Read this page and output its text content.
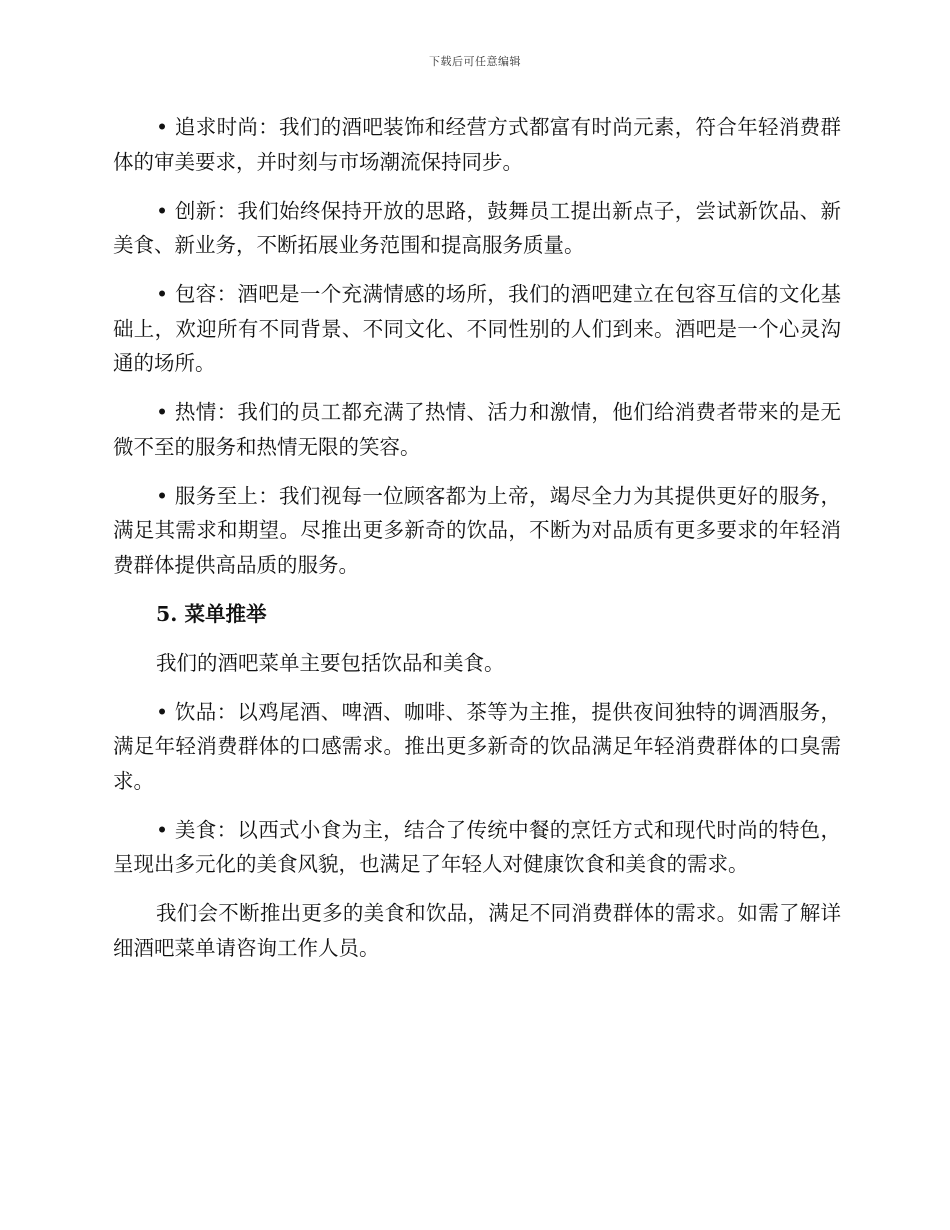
下载后可任意编辑

• 追求时尚：我们的酒吧装饰和经营方式都富有时尚元素，符合年轻消费群体的审美要求，并时刻与市场潮流保持同步。

• 创新：我们始终保持开放的思路，鼓舞员工提出新点子，尝试新饮品、新美食、新业务，不断拓展业务范围和提高服务质量。

• 包容：酒吧是一个充满情感的场所，我们的酒吧建立在包容互信的文化基础上，欢迎所有不同背景、不同文化、不同性别的人们到来。酒吧是一个心灵沟通的场所。

• 热情：我们的员工都充满了热情、活力和激情，他们给消费者带来的是无微不至的服务和热情无限的笑容。

• 服务至上：我们视每一位顾客都为上帝，竭尽全力为其提供更好的服务，满足其需求和期望。尽推出更多新奇的饮品，不断为对品质有更多要求的年轻消费群体提供高品质的服务。

5. 菜单推举

我们的酒吧菜单主要包括饮品和美食。

• 饮品：以鸡尾酒、啤酒、咖啡、茶等为主推，提供夜间独特的调酒服务，满足年轻消费群体的口感需求。推出更多新奇的饮品满足年轻消费群体的口臭需求。

• 美食：以西式小食为主，结合了传统中餐的烹饪方式和现代时尚的特色，呈现出多元化的美食风貌，也满足了年轻人对健康饮食和美食的需求。

我们会不断推出更多的美食和饮品，满足不同消费群体的需求。如需了解详细酒吧菜单请咨询工作人员。
